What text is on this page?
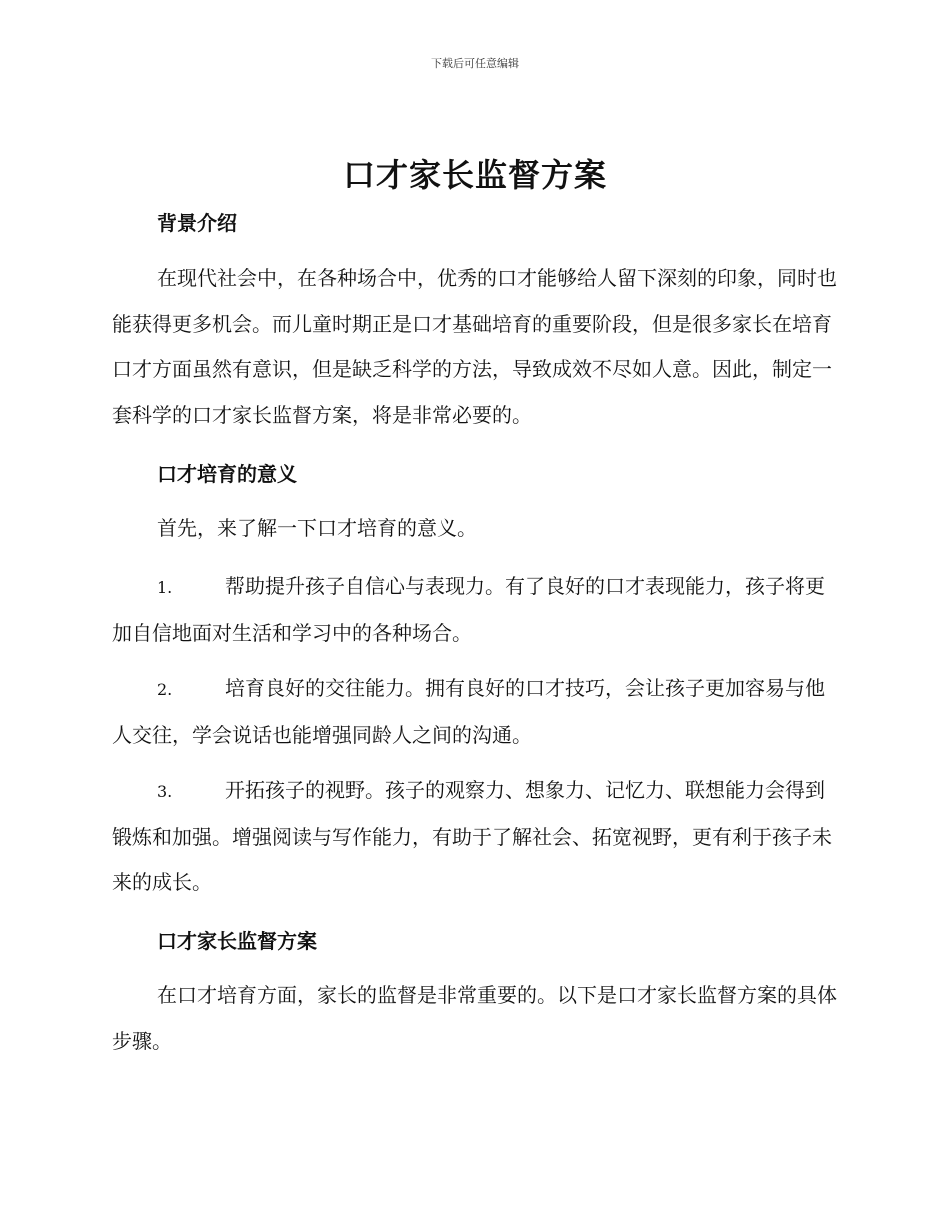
下载后可任意编辑
口才家长监督方案
背景介绍

在现代社会中，在各种场合中，优秀的口才能够给人留下深刻的印象，同时也能获得更多机会。而儿童时期正是口才基础培育的重要阶段，但是很多家长在培育口才方面虽然有意识，但是缺乏科学的方法，导致成效不尽如人意。因此，制定一套科学的口才家长监督方案，将是非常必要的。

口才培育的意义

首先，来了解一下口才培育的意义。

1.	帮助提升孩子自信心与表现力。有了良好的口才表现能力，孩子将更加自信地面对生活和学习中的各种场合。

2.	培育良好的交往能力。拥有良好的口才技巧，会让孩子更加容易与他人交往，学会说话也能增强同龄人之间的沟通。

3.	开拓孩子的视野。孩子的观察力、想象力、记忆力、联想能力会得到锻炼和加强。增强阅读与写作能力，有助于了解社会、拓宽视野，更有利于孩子未来的成长。

口才家长监督方案

在口才培育方面，家长的监督是非常重要的。以下是口才家长监督方案的具体步骤。
